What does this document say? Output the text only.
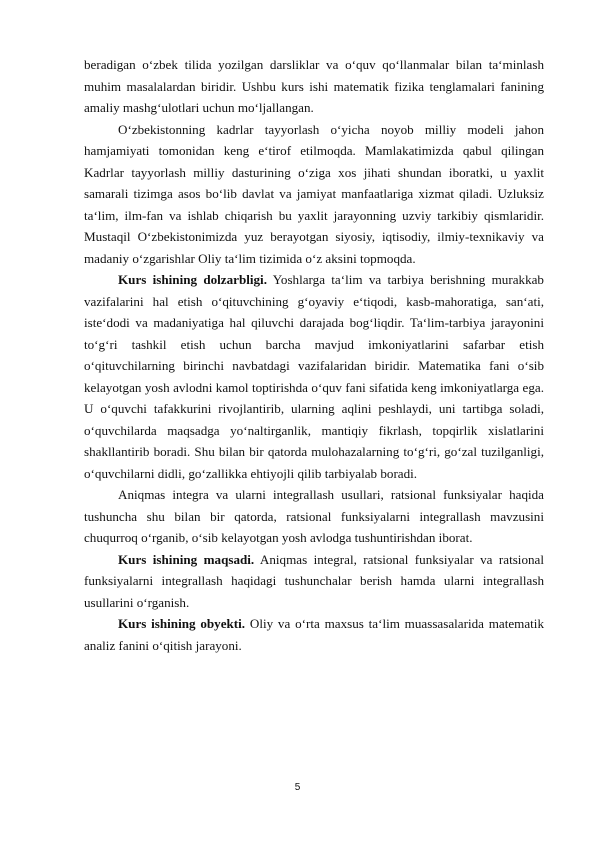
beradigan o‘zbek tilida yozilgan darsliklar va o‘quv qo‘llanmalar bilan ta‘minlash muhim masalalardan biridir. Ushbu kurs ishi matematik fizika tenglamalari fanining amaliy mashg‘ulotlari uchun mo‘ljallangan.

O‘zbekistonning kadrlar tayyorlash o‘yicha noyob milliy modeli jahon hamjamiyati tomonidan keng e‘tirof etilmoqda. Mamlakatimizda qabul qilingan Kadrlar tayyorlash milliy dasturining o‘ziga xos jihati shundan iboratki, u yaxlit samarali tizimga asos bo‘lib davlat va jamiyat manfaatlariga xizmat qiladi. Uzluksiz ta‘lim, ilm-fan va ishlab chiqarish bu yaxlit jarayonning uzviy tarkibiy qismlaridir. Mustaqil O‘zbekistonimizda yuz berayotgan siyosiy, iqtisodiy, ilmiy-texnikaviy va madaniy o‘zgarishlar Oliy ta‘lim tizimida o‘z aksini topmoqda.

Kurs ishining dolzarbligi. Yoshlarga ta‘lim va tarbiya berishning murakkab vazifalarini hal etish o‘qituvchining g‘oyaviy e‘tiqodi, kasb-mahoratiga, san‘ati, iste‘dodi va madaniyatiga hal qiluvchi darajada bog‘liqdir. Ta‘lim-tarbiya jarayonini to‘g‘ri tashkil etish uchun barcha mavjud imkoniyatlarini safarbar etish o‘qituvchilarning birinchi navbatdagi vazifalaridan biridir. Matematika fani o‘sib kelayotgan yosh avlodni kamol toptirishda o‘quv fani sifatida keng imkoniyatlarga ega. U o‘quvchi tafakkurini rivojlantirib, ularning aqlini peshlaydi, uni tartibga soladi, o‘quvchilarda maqsadga yo‘naltirganlik, mantiqiy fikrlash, topqirlik xislatlarini shakllantirib boradi. Shu bilan bir qatorda mulohazalarning to‘g‘ri, go‘zal tuzilganligi, o‘quvchilarni didli, go‘zallikka ehtiyojli qilib tarbiyalab boradi.

Aniqmas integra va ularni integrallash usullari, ratsional funksiyalar haqida tushuncha shu bilan bir qatorda, ratsional funksiyalarni integrallash mavzusini chuqurroq o‘rganib, o‘sib kelayotgan yosh avlodga tushuntirishdan iborat.

Kurs ishining maqsadi. Aniqmas integral, ratsional funksiyalar va ratsional funksiyalarni integrallash haqidagi tushunchalar berish hamda ularni integrallash usullarini o‘rganish.

Kurs ishining obyekti. Oliy va o‘rta maxsus ta‘lim muassasalarida matematik analiz fanini o‘qitish jarayoni.

5
